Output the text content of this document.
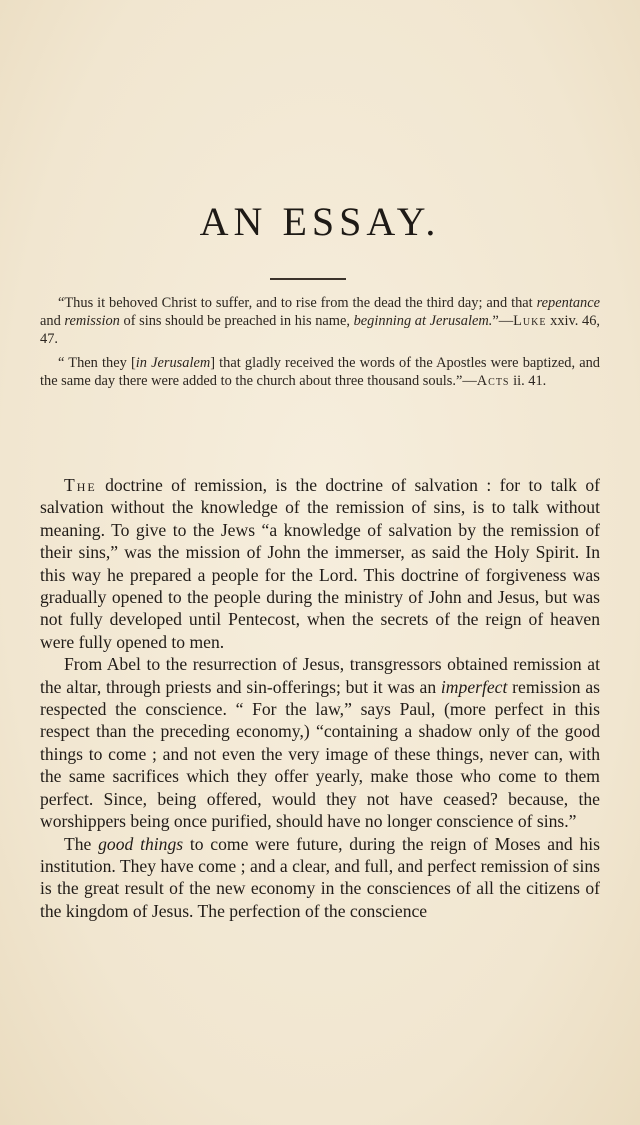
AN ESSAY.

“Thus it behoved Christ to suffer, and to rise from the dead the third day; and that repentance and remission of sins should be preached in his name, beginning at Jerusalem.”—Luke xxiv. 46, 47.

“ Then they [in Jerusalem] that gladly received the words of the Apostles were baptized, and the same day there were added to the church about three thousand souls.”—Acts ii. 41.

The doctrine of remission, is the doctrine of salvation : for to talk of salvation without the knowledge of the remission of sins, is to talk without meaning. To give to the Jews “a knowledge of salvation by the remission of their sins,” was the mission of John the immerser, as said the Holy Spirit. In this way he prepared a people for the Lord. This doctrine of forgiveness was gradually opened to the people during the ministry of John and Jesus, but was not fully developed until Pentecost, when the secrets of the reign of heaven were fully opened to men.

From Abel to the resurrection of Jesus, transgressors obtained remission at the altar, through priests and sin-offerings; but it was an imperfect remission as respected the conscience. “ For the law,” says Paul, (more perfect in this respect than the preceding economy,) “containing a shadow only of the good things to come ; and not even the very image of these things, never can, with the same sacrifices which they offer yearly, make those who come to them perfect. Since, being offered, would they not have ceased? because, the worshippers being once purified, should have no longer conscience of sins.”

The good things to come were future, during the reign of Moses and his institution. They have come ; and a clear, and full, and perfect remission of sins is the great result of the new economy in the consciences of all the citizens of the kingdom of Jesus. The perfection of the conscience
